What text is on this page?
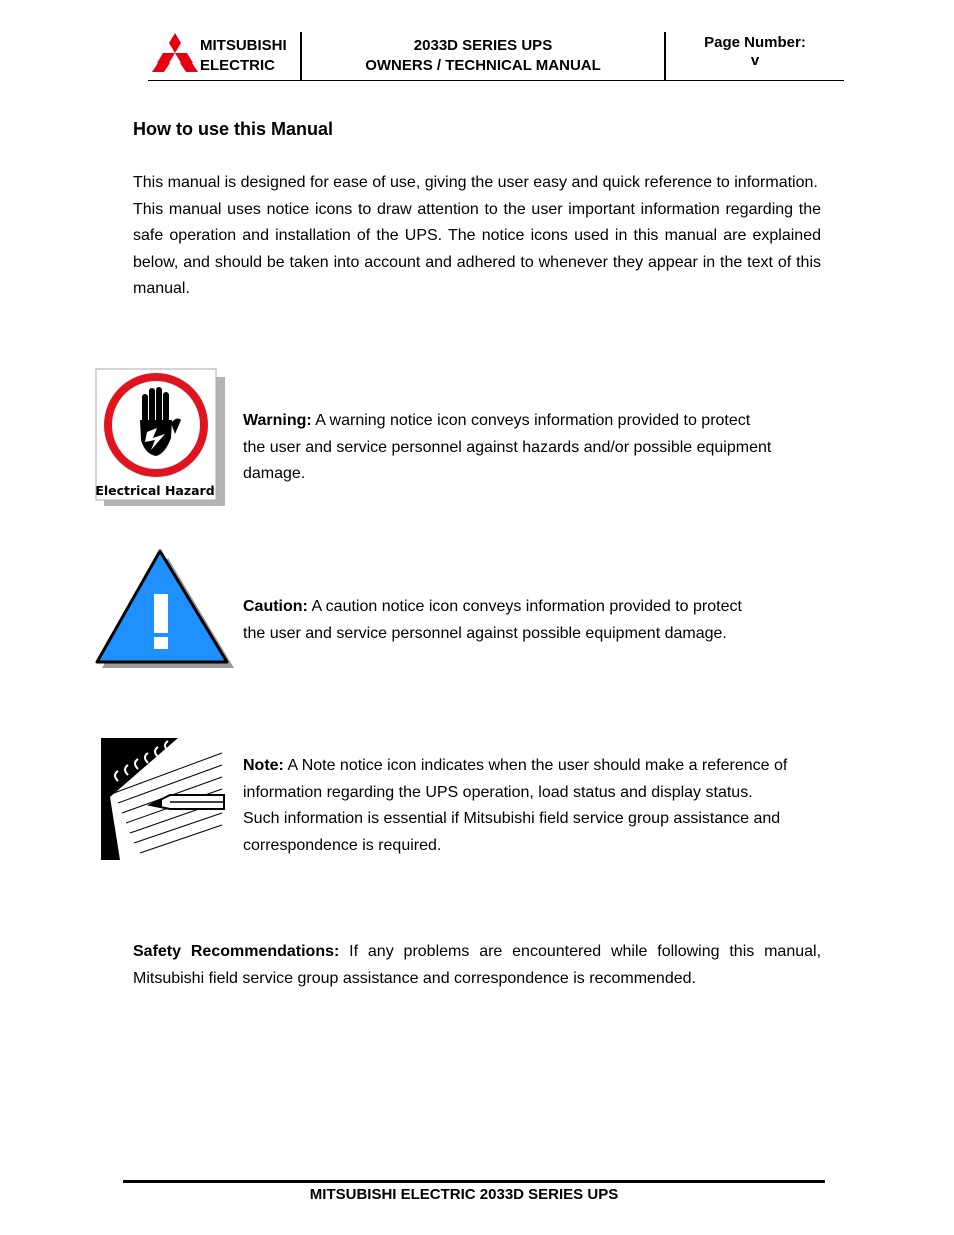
MITSUBISHI
ELECTRIC
2033D SERIES UPS
OWNERS / TECHNICAL MANUAL
Page Number:
v
How to use this Manual

This manual is designed for ease of use, giving the user easy and quick reference to information.

This manual uses notice icons to draw attention to the user important information regarding the safe operation and installation of the UPS. The notice icons used in this manual are explained below, and should be taken into account and adhered to whenever they appear in the text of this manual.

Electrical Hazard
Warning: A warning notice icon conveys information provided to protect
the user and service personnel against hazards and/or possible equipment
damage.
Caution: A caution notice icon conveys information provided to protect
the user and service personnel against possible equipment damage.
Note: A Note notice icon indicates when the user should make a reference of
information regarding the UPS operation, load status and display status.
Such information is essential if Mitsubishi field service group assistance and
correspondence is required.

Safety Recommendations: If any problems are encountered while following this manual, Mitsubishi field service group assistance and correspondence is recommended.

MITSUBISHI ELECTRIC 2033D SERIES UPS
